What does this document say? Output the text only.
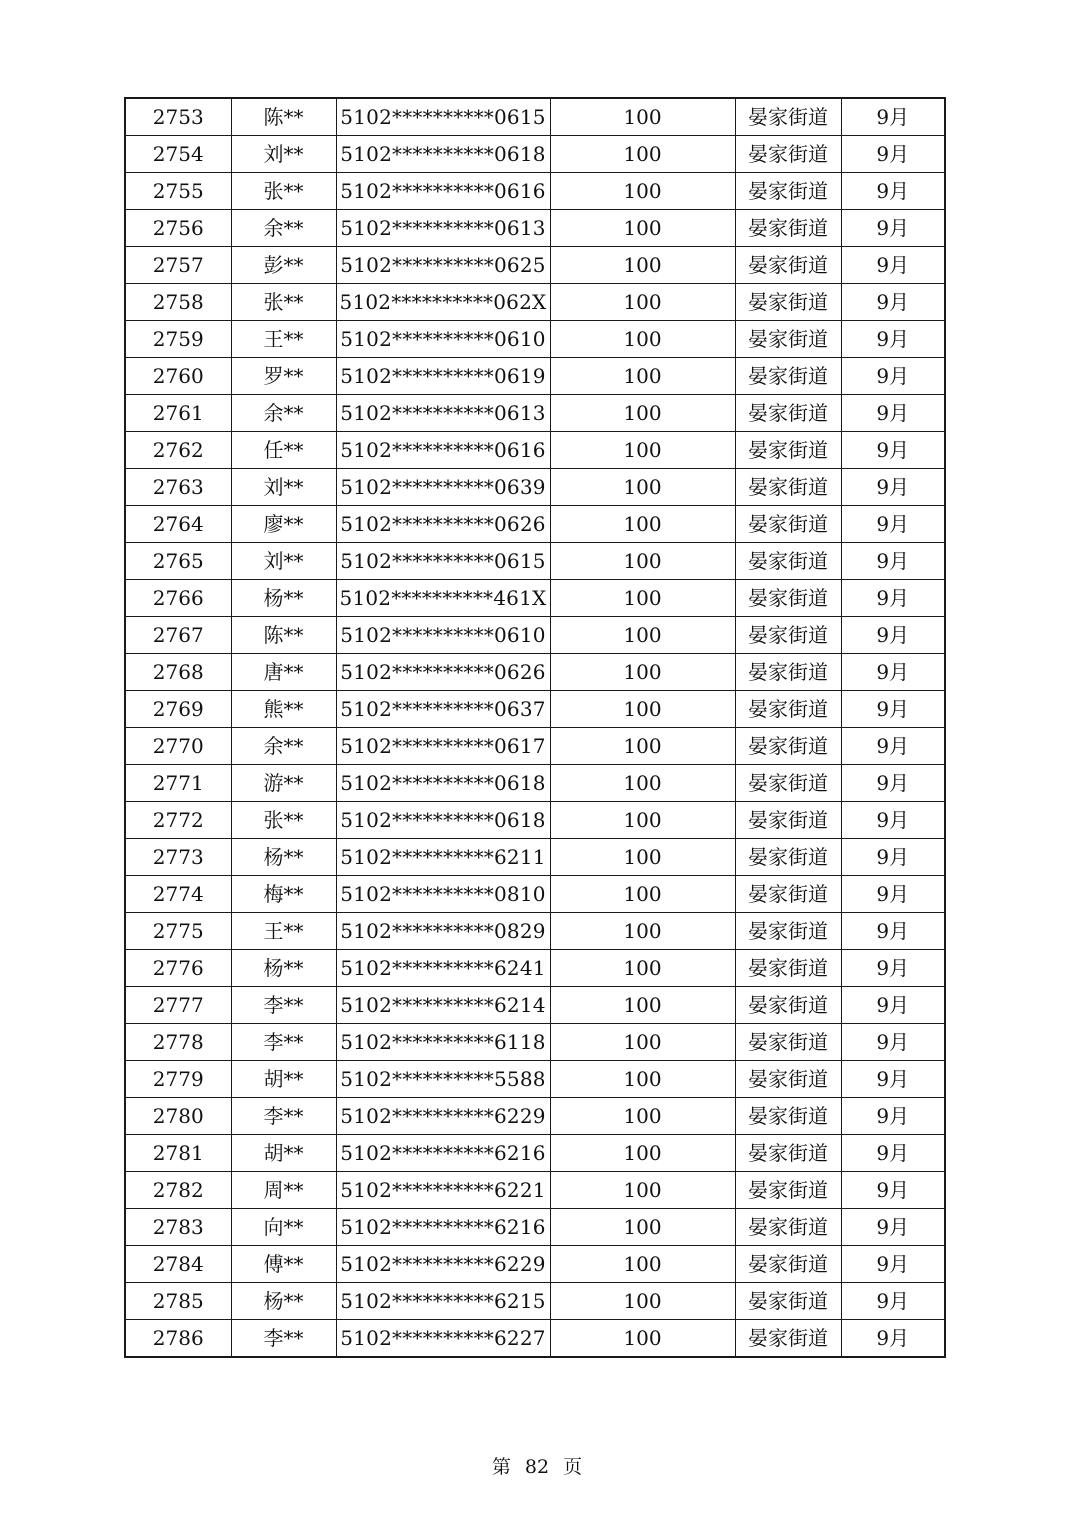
2753	陈**	5102**********0615	100	晏家街道	9月
2754	刘**	5102**********0618	100	晏家街道	9月
2755	张**	5102**********0616	100	晏家街道	9月
2756	余**	5102**********0613	100	晏家街道	9月
2757	彭**	5102**********0625	100	晏家街道	9月
2758	张**	5102**********062X	100	晏家街道	9月
2759	王**	5102**********0610	100	晏家街道	9月
2760	罗**	5102**********0619	100	晏家街道	9月
2761	余**	5102**********0613	100	晏家街道	9月
2762	任**	5102**********0616	100	晏家街道	9月
2763	刘**	5102**********0639	100	晏家街道	9月
2764	廖**	5102**********0626	100	晏家街道	9月
2765	刘**	5102**********0615	100	晏家街道	9月
2766	杨**	5102**********461X	100	晏家街道	9月
2767	陈**	5102**********0610	100	晏家街道	9月
2768	唐**	5102**********0626	100	晏家街道	9月
2769	熊**	5102**********0637	100	晏家街道	9月
2770	余**	5102**********0617	100	晏家街道	9月
2771	游**	5102**********0618	100	晏家街道	9月
2772	张**	5102**********0618	100	晏家街道	9月
2773	杨**	5102**********6211	100	晏家街道	9月
2774	梅**	5102**********0810	100	晏家街道	9月
2775	王**	5102**********0829	100	晏家街道	9月
2776	杨**	5102**********6241	100	晏家街道	9月
2777	李**	5102**********6214	100	晏家街道	9月
2778	李**	5102**********6118	100	晏家街道	9月
2779	胡**	5102**********5588	100	晏家街道	9月
2780	李**	5102**********6229	100	晏家街道	9月
2781	胡**	5102**********6216	100	晏家街道	9月
2782	周**	5102**********6221	100	晏家街道	9月
2783	向**	5102**********6216	100	晏家街道	9月
2784	傅**	5102**********6229	100	晏家街道	9月
2785	杨**	5102**********6215	100	晏家街道	9月
2786	李**	5102**********6227	100	晏家街道	9月
第 82 页
